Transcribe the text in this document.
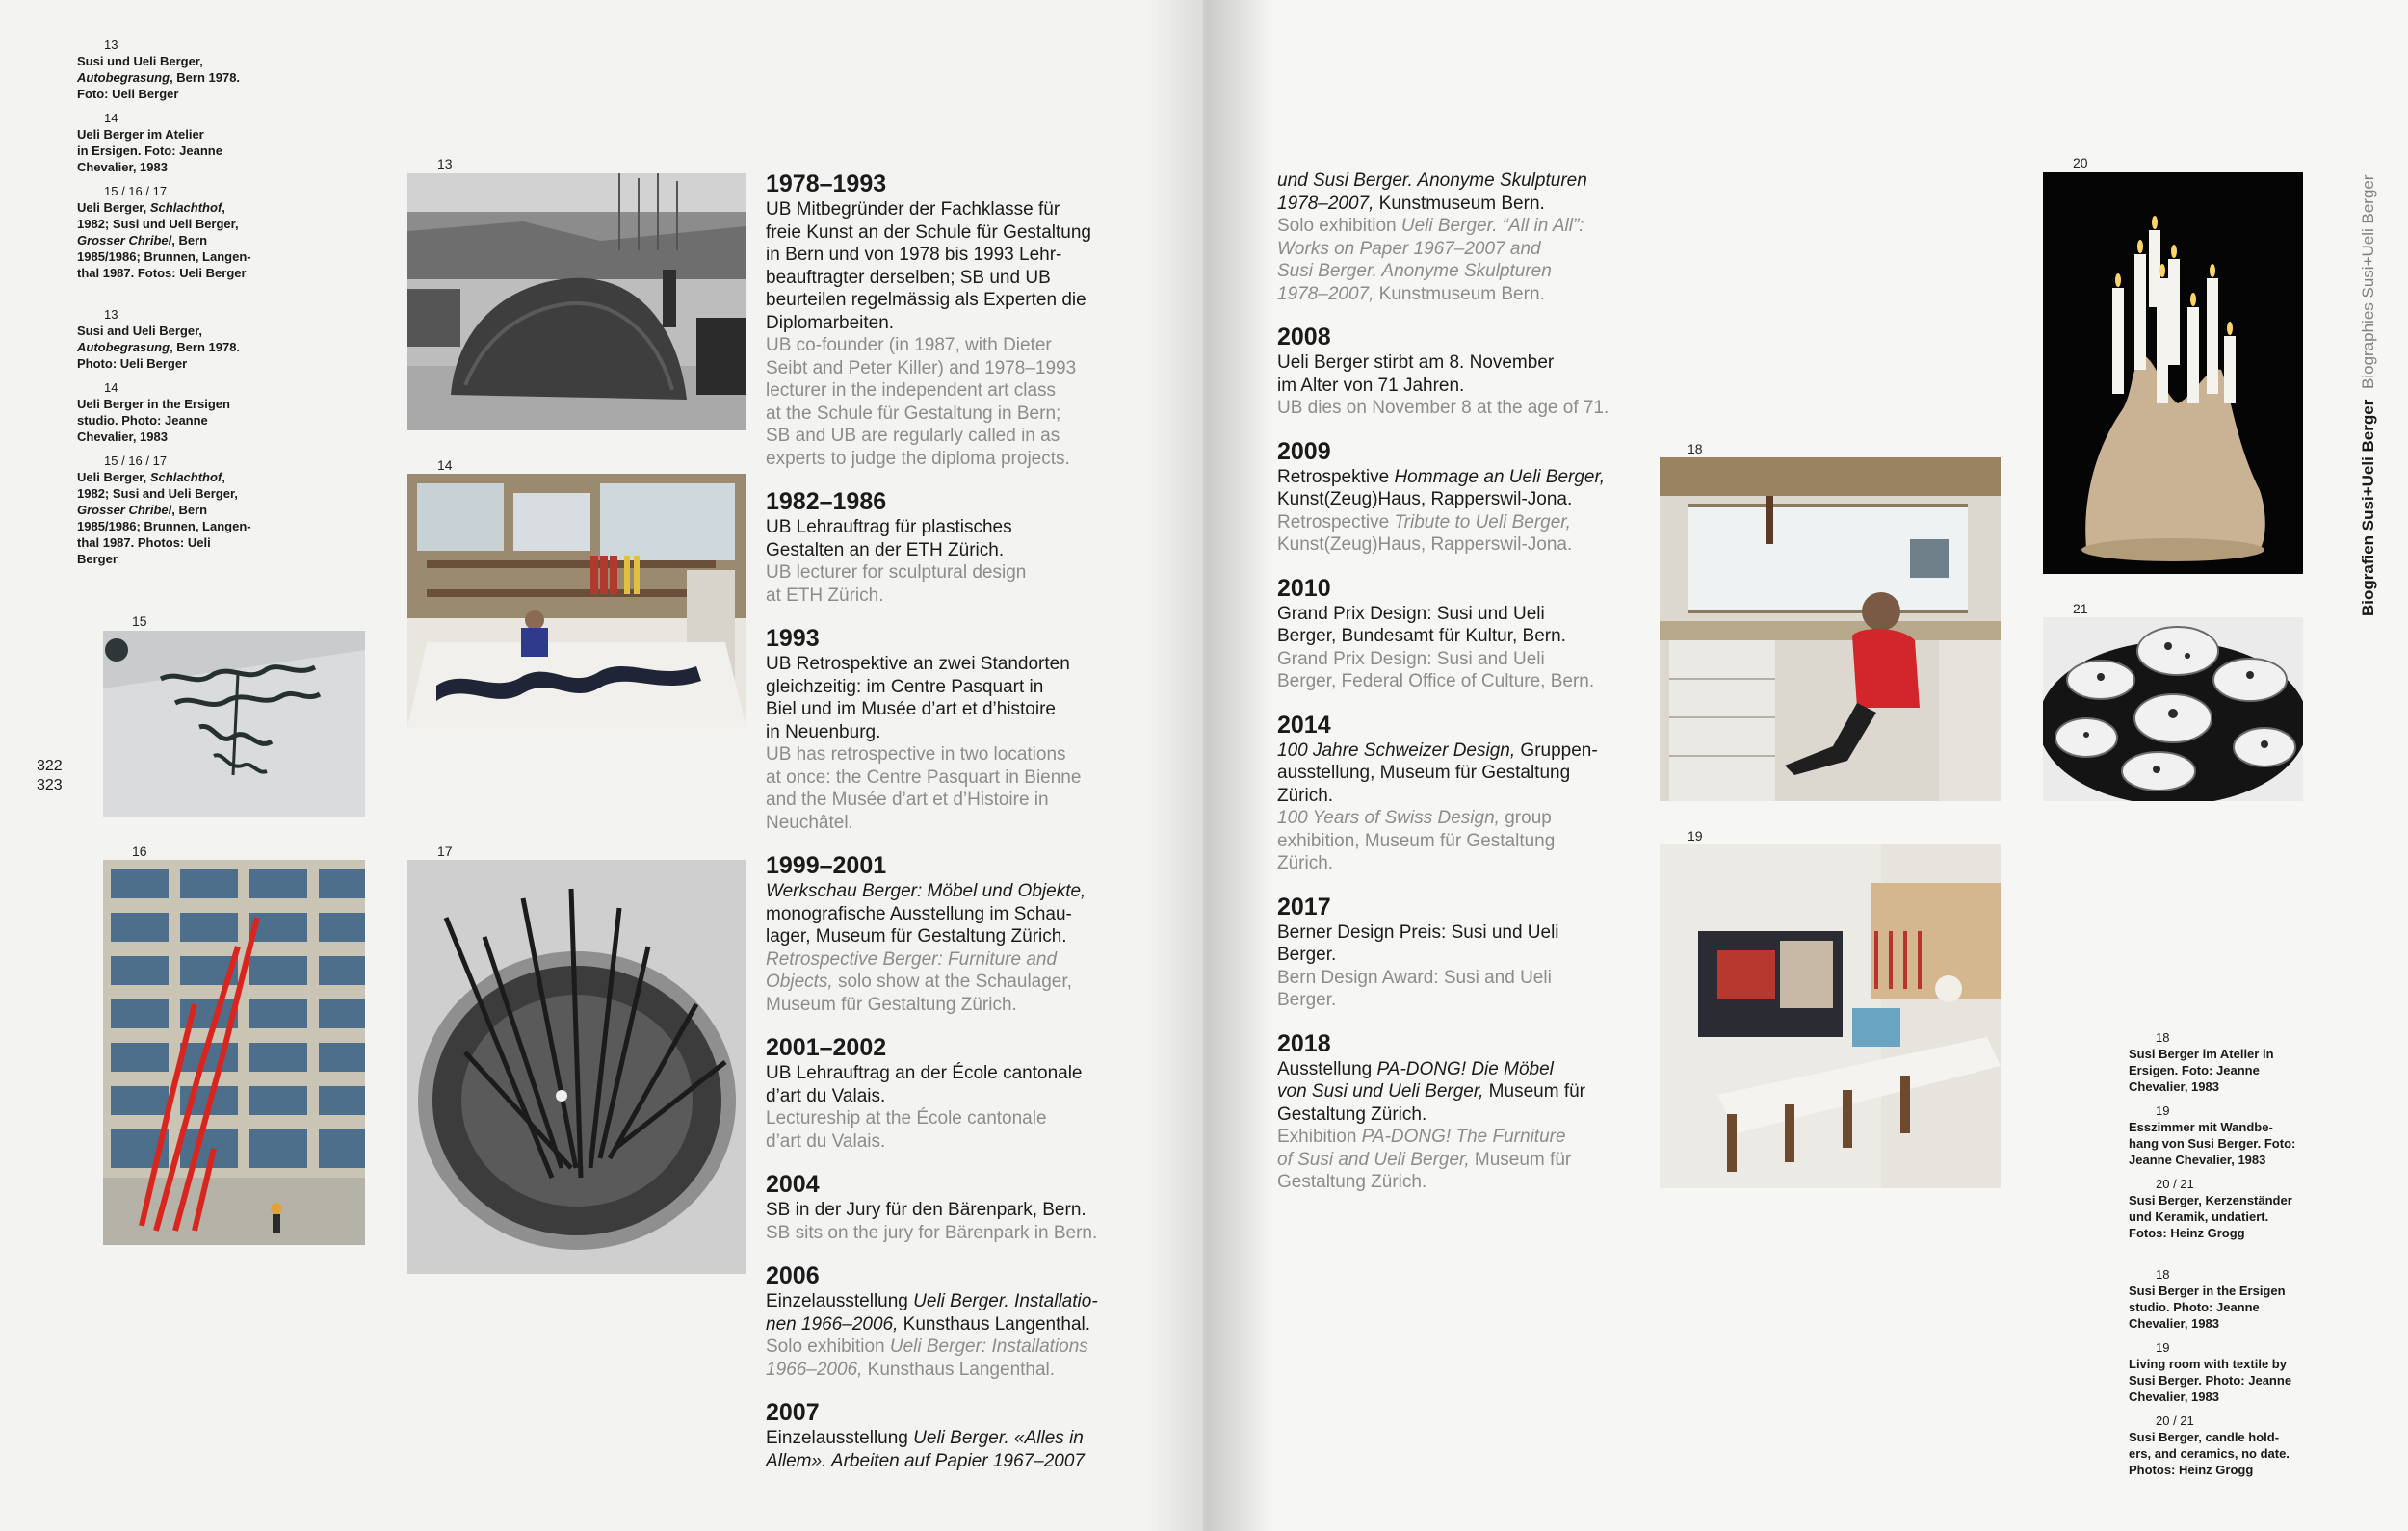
13
Susi und Ueli Berger,
Autobegrasung, Bern 1978.
Foto: Ueli Berger
14
Ueli Berger im Atelier
in Ersigen. Foto: Jeanne
Chevalier, 1983
15 / 16 / 17
Ueli Berger, Schlachthof,
1982; Susi und Ueli Berger,
Grosser Chribel, Bern
1985/1986; Brunnen, Langen-
thal 1987. Fotos: Ueli Berger
13
Susi and Ueli Berger,
Autobegrasung, Bern 1978.
Photo: Ueli Berger
14
Ueli Berger in the Ersigen
studio. Photo: Jeanne
Chevalier, 1983
15 / 16 / 17
Ueli Berger, Schlachthof,
1982; Susi and Ueli Berger,
Grosser Chribel, Bern
1985/1986; Brunnen, Langen-
thal 1987. Photos: Ueli
Berger
322
323
15
16
13
14
17
1978–1993
UB Mitbegründer der Fachklasse für
freie Kunst an der Schule für Gestaltung
in Bern und von 1978 bis 1993 Lehr-
beauftragter derselben; SB und UB
beurteilen regelmässig als Experten die
Diplomarbeiten.
UB co-founder (in 1987, with Dieter
Seibt and Peter Killer) and 1978–1993
lecturer in the independent art class
at the Schule für Gestaltung in Bern;
SB and UB are regularly called in as
experts to judge the diploma projects.
1982–1986
UB Lehrauftrag für plastisches
Gestalten an der ETH Zürich.
UB lecturer for sculptural design
at ETH Zürich.
1993
UB Retrospektive an zwei Standorten
gleichzeitig: im Centre Pasquart in
Biel und im Musée d’art et d’histoire
in Neuenburg.
UB has retrospective in two locations
at once: the Centre Pasquart in Bienne
and the Musée d’art et d’Histoire in
Neuchâtel.
1999–2001
Werkschau Berger: Möbel und Objekte,
monografische Ausstellung im Schau-
lager, Museum für Gestaltung Zürich.
Retrospective Berger: Furniture and
Objects, solo show at the Schaulager,
Museum für Gestaltung Zürich.
2001–2002
UB Lehrauftrag an der École cantonale
d’art du Valais.
Lectureship at the École cantonale
d’art du Valais.
2004
SB in der Jury für den Bärenpark, Bern.
SB sits on the jury for Bärenpark in Bern.
2006
Einzelausstellung Ueli Berger. Installatio-
nen 1966–2006, Kunsthaus Langenthal.
Solo exhibition Ueli Berger: Installations
1966–2006, Kunsthaus Langenthal.
2007
Einzelausstellung Ueli Berger. «Alles in
Allem». Arbeiten auf Papier 1967–2007
und Susi Berger. Anonyme Skulpturen
1978–2007, Kunstmuseum Bern.
Solo exhibition Ueli Berger. “All in All”:
Works on Paper 1967–2007 and
Susi Berger. Anonyme Skulpturen
1978–2007, Kunstmuseum Bern.
2008
Ueli Berger stirbt am 8. November
im Alter von 71 Jahren.
UB dies on November 8 at the age of 71.
2009
Retrospektive Hommage an Ueli Berger,
Kunst(Zeug)Haus, Rapperswil-Jona.
Retrospective Tribute to Ueli Berger,
Kunst(Zeug)Haus, Rapperswil-Jona.
2010
Grand Prix Design: Susi und Ueli
Berger, Bundesamt für Kultur, Bern.
Grand Prix Design: Susi and Ueli
Berger, Federal Office of Culture, Bern.
2014
100 Jahre Schweizer Design, Gruppen-
ausstellung, Museum für Gestaltung
Zürich.
100 Years of Swiss Design, group
exhibition, Museum für Gestaltung
Zürich.
2017
Berner Design Preis: Susi und Ueli
Berger.
Bern Design Award: Susi and Ueli
Berger.
2018
Ausstellung PA-DONG! Die Möbel
von Susi und Ueli Berger, Museum für
Gestaltung Zürich.
Exhibition PA-DONG! The Furniture
of Susi and Ueli Berger, Museum für
Gestaltung Zürich.
18
19
20
21
18
Susi Berger im Atelier in
Ersigen. Foto: Jeanne
Chevalier, 1983
19
Esszimmer mit Wandbe-
hang von Susi Berger. Foto:
Jeanne Chevalier, 1983
20 / 21
Susi Berger, Kerzenständer
und Keramik, undatiert.
Fotos: Heinz Grogg
18
Susi Berger in the Ersigen
studio. Photo: Jeanne
Chevalier, 1983
19
Living room with textile by
Susi Berger. Photo: Jeanne
Chevalier, 1983
20 / 21
Susi Berger, candle hold-
ers, and ceramics, no date.
Photos: Heinz Grogg
Biografien Susi+Ueli Berger
Biographies Susi+Ueli Berger
